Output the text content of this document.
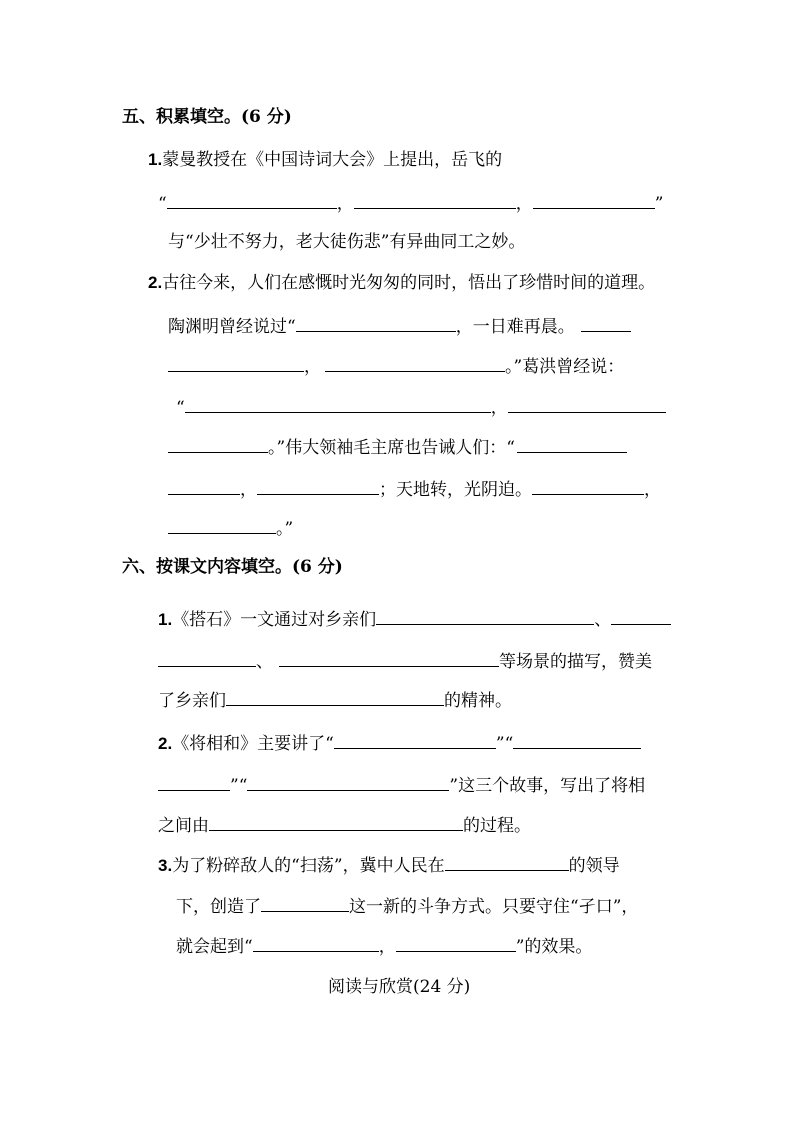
五、积累填空。(6 分)
1.蒙曼教授在《中国诗词大会》上提出，岳飞的
“	，	，	”
与“少壮不努力，老大徒伤悲”有异曲同工之妙。
2.古往今来，人们在感慨时光匆匆的同时，悟出了珍惜时间的道理。
陶渊明曾经说过“	，一日难再晨。
，	。”葛洪曾经说：
“	，
。”伟大领袖毛主席也告诫人们：“
，	；天地转，光阴迫。	，
。”
六、按课文内容填空。(6 分)
1.《搭石》一文通过对乡亲们	、
、	等场景的描写，赞美
了乡亲们	的精神。
2.《将相和》主要讲了“	”“
”“	”这三个故事，写出了将相
之间由	的过程。
3.为了粉碎敌人的“扫荡”，冀中人民在	的领导
下，创造了	这一新的斗争方式。只要守住“孑口”，
就会起到“	，	”的效果。
阅读与欣赏(24 分)
